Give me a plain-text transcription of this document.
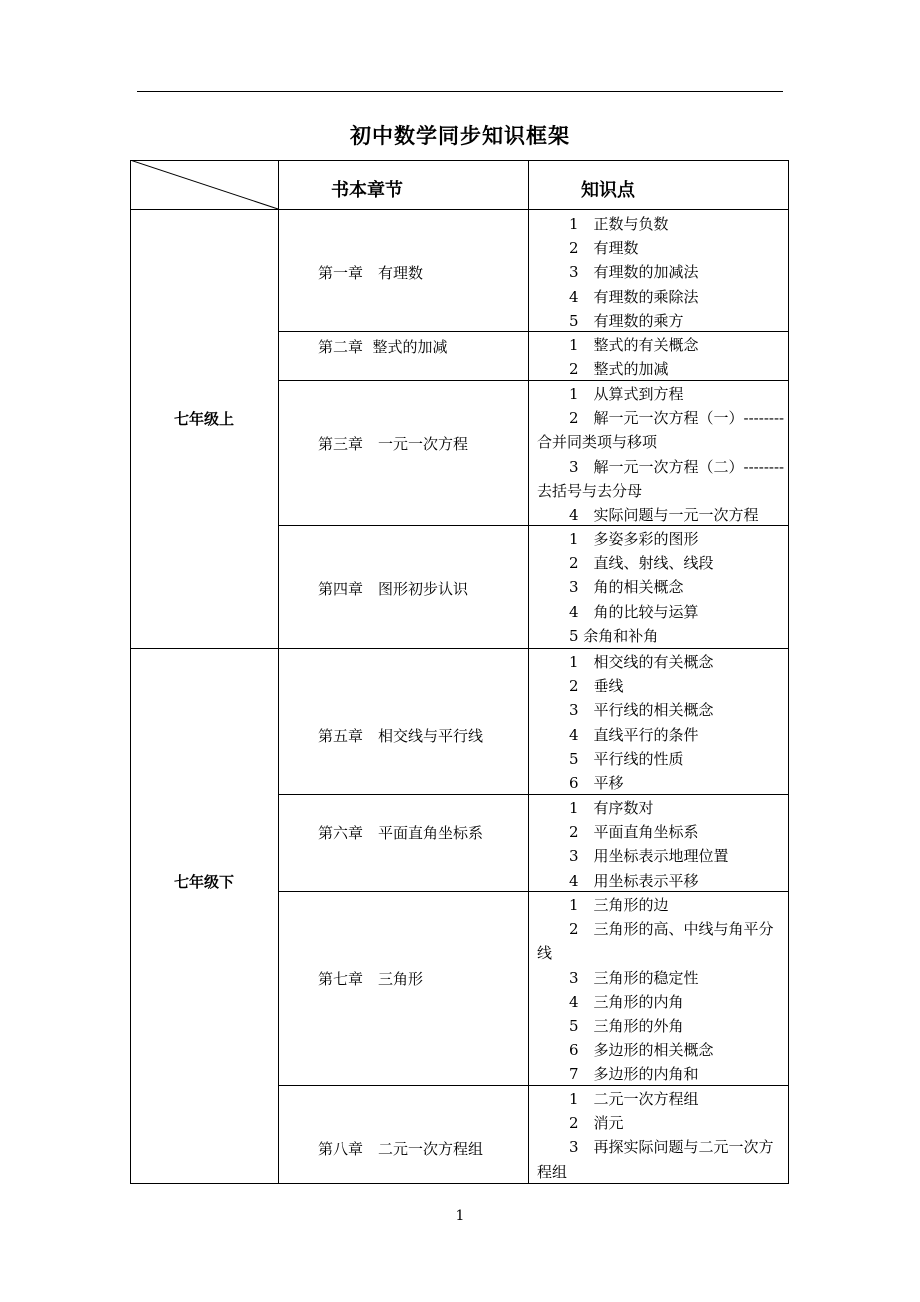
初中数学同步知识框架
书本章节	知识点
七年级上
七年级下
第一章　有理数
第二章  整式的加减
第三章　一元一次方程
第四章　图形初步认识
第五章　相交线与平行线
第六章　平面直角坐标系
第七章　三角形
第八章　二元一次方程组
1　正数与负数
2　有理数
3　有理数的加减法
4　有理数的乘除法
5　有理数的乘方
1　整式的有关概念
2　整式的加减
1　从算式到方程
2　解一元一次方程（一）--------
合并同类项与移项
3　解一元一次方程（二）--------
去括号与去分母
4　实际问题与一元一次方程
1　多姿多彩的图形
2　直线、射线、线段
3　角的相关概念
4　角的比较与运算
5 余角和补角
1　相交线的有关概念
2　垂线
3　平行线的相关概念
4　直线平行的条件
5　平行线的性质
6　平移
1　有序数对
2　平面直角坐标系
3　用坐标表示地理位置
4　用坐标表示平移
1　三角形的边
2　三角形的高、中线与角平分
线
3　三角形的稳定性
4　三角形的内角
5　三角形的外角
6　多边形的相关概念
7　多边形的内角和
1　二元一次方程组
2　消元
3　再探实际问题与二元一次方
程组
1
